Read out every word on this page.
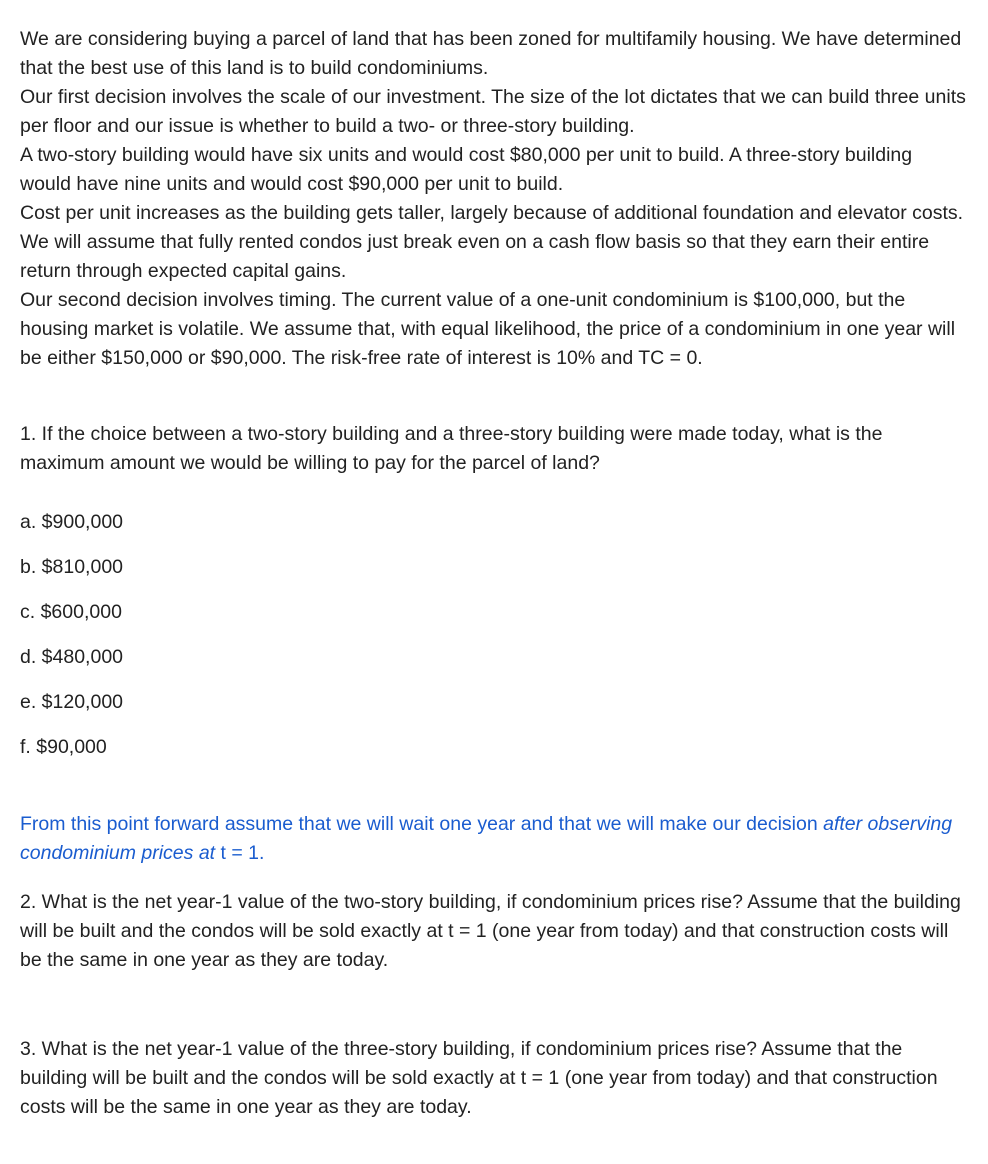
We are considering buying a parcel of land that has been zoned for multifamily housing. We have determined that the best use of this land is to build condominiums.

Our first decision involves the scale of our investment. The size of the lot dictates that we can build three units per floor and our issue is whether to build a two- or three-story building.

A two-story building would have six units and would cost $80,000 per unit to build. A three-story building would have nine units and would cost $90,000 per unit to build.

Cost per unit increases as the building gets taller, largely because of additional foundation and elevator costs. We will assume that fully rented condos just break even on a cash flow basis so that they earn their entire return through expected capital gains.

Our second decision involves timing. The current value of a one-unit condominium is $100,000, but the housing market is volatile. We assume that, with equal likelihood, the price of a condominium in one year will be either $150,000 or $90,000. The risk-free rate of interest is 10% and TC = 0.

1. If the choice between a two-story building and a three-story building were made today, what is the maximum amount we would be willing to pay for the parcel of land?

a. $900,000
b. $810,000
c. $600,000
d. $480,000
e. $120,000
f. $90,000

From this point forward assume that we will wait one year and that we will make our decision after observing condominium prices at t = 1.

2. What is the net year-1 value of the two-story building, if condominium prices rise? Assume that the building will be built and the condos will be sold exactly at t = 1 (one year from today) and that construction costs will be the same in one year as they are today.

3. What is the net year-1 value of the three-story building, if condominium prices rise? Assume that the building will be built and the condos will be sold exactly at t = 1 (one year from today) and that construction costs will be the same in one year as they are today.
